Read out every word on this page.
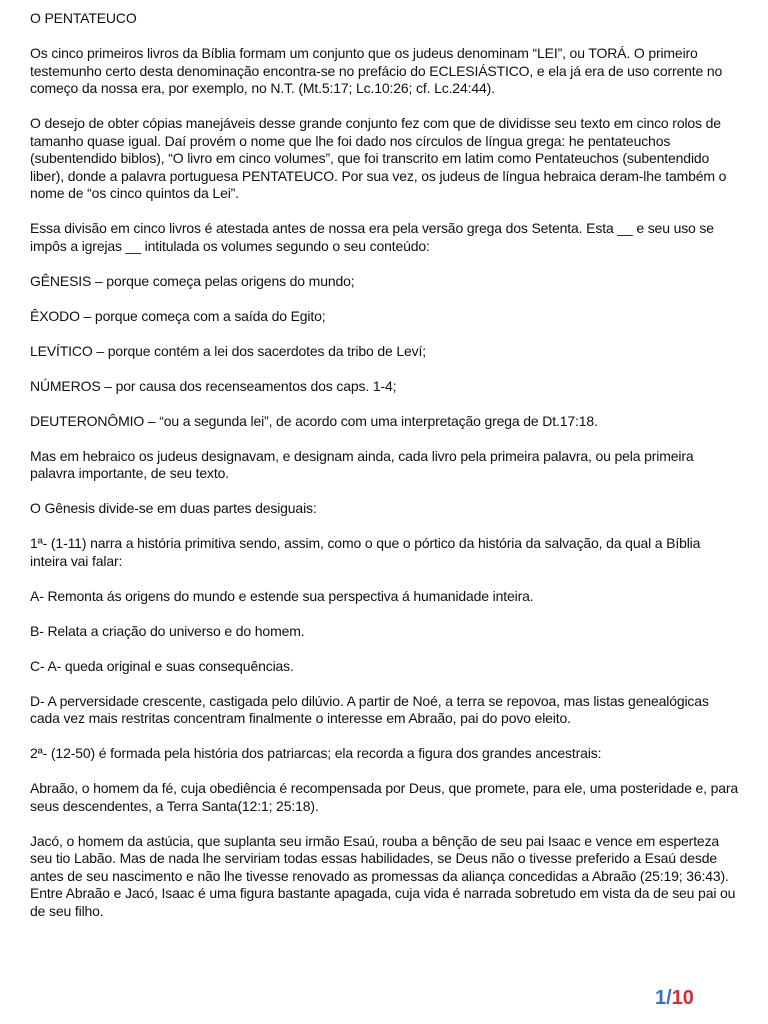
O PENTATEUCO

Os cinco primeiros livros da Bíblia formam um conjunto que os judeus denominam “LEI”, ou TORÁ. O primeiro testemunho certo desta denominação encontra-se no prefácio do ECLESIÁSTICO, e ela já era de uso corrente no começo da nossa era, por exemplo, no N.T. (Mt.5:17; Lc.10:26; cf. Lc.24:44).

O desejo de obter cópias manejáveis desse grande conjunto fez com que de dividisse seu texto em cinco rolos de tamanho quase igual. Daí provém o nome que lhe foi dado nos círculos de língua grega: he pentateuchos (subentendido biblos), “O livro em cinco volumes”, que foi transcrito em latim como Pentateuchos (subentendido liber), donde a palavra portuguesa PENTATEUCO. Por sua vez, os judeus de língua hebraica deram-lhe também o nome de “os cinco quintos da Lei”.

Essa divisão em cinco livros é atestada antes de nossa era pela versão grega dos Setenta. Esta __ e seu uso se impôs a igrejas __ intitulada os volumes segundo o seu conteúdo:

GÊNESIS – porque começa pelas origens do mundo;

ÊXODO – porque começa com a saída do Egito;

LEVÍTICO – porque contém a lei dos sacerdotes da tribo de Leví;

NÚMEROS – por causa dos recenseamentos dos caps. 1-4;

DEUTERONÔMIO – “ou a segunda lei”, de acordo com uma interpretação grega de Dt.17:18.

Mas em hebraico os judeus designavam, e designam ainda, cada livro pela primeira palavra, ou pela primeira palavra importante, de seu texto.

O Gênesis divide-se em duas partes desiguais:

1ª- (1-11) narra a história primitiva sendo, assim, como o que o pórtico da história da salvação, da qual a Bíblia inteira vai falar:

A- Remonta ás origens do mundo e estende sua perspectiva á humanidade inteira.

B- Relata a criação do universo e do homem.

C- A- queda original e suas consequências.

D- A perversidade crescente, castigada pelo dilúvio. A partir de Noé, a terra se repovoa, mas listas genealógicas cada vez mais restritas concentram finalmente o interesse em Abraão, pai do povo eleito.

2ª- (12-50) é formada pela história dos patriarcas; ela recorda a figura dos grandes ancestrais:

Abraão, o homem da fé, cuja obediência é recompensada por Deus, que promete, para ele, uma posteridade e, para seus descendentes, a Terra Santa(12:1; 25:18).

Jacó, o homem da astúcia, que suplanta seu irmão Esaú, rouba a bênção de seu pai Isaac e vence em esperteza seu tio Labão. Mas de nada lhe serviriam todas essas habilidades, se Deus não o tivesse preferido a Esaú desde antes de seu nascimento e não lhe tivesse renovado as promessas da aliança concedidas a Abraão (25:19; 36:43). Entre Abraão e Jacó, Isaac é uma figura bastante apagada, cuja vida é narrada sobretudo em vista da de seu pai ou de seu filho.

1/10
